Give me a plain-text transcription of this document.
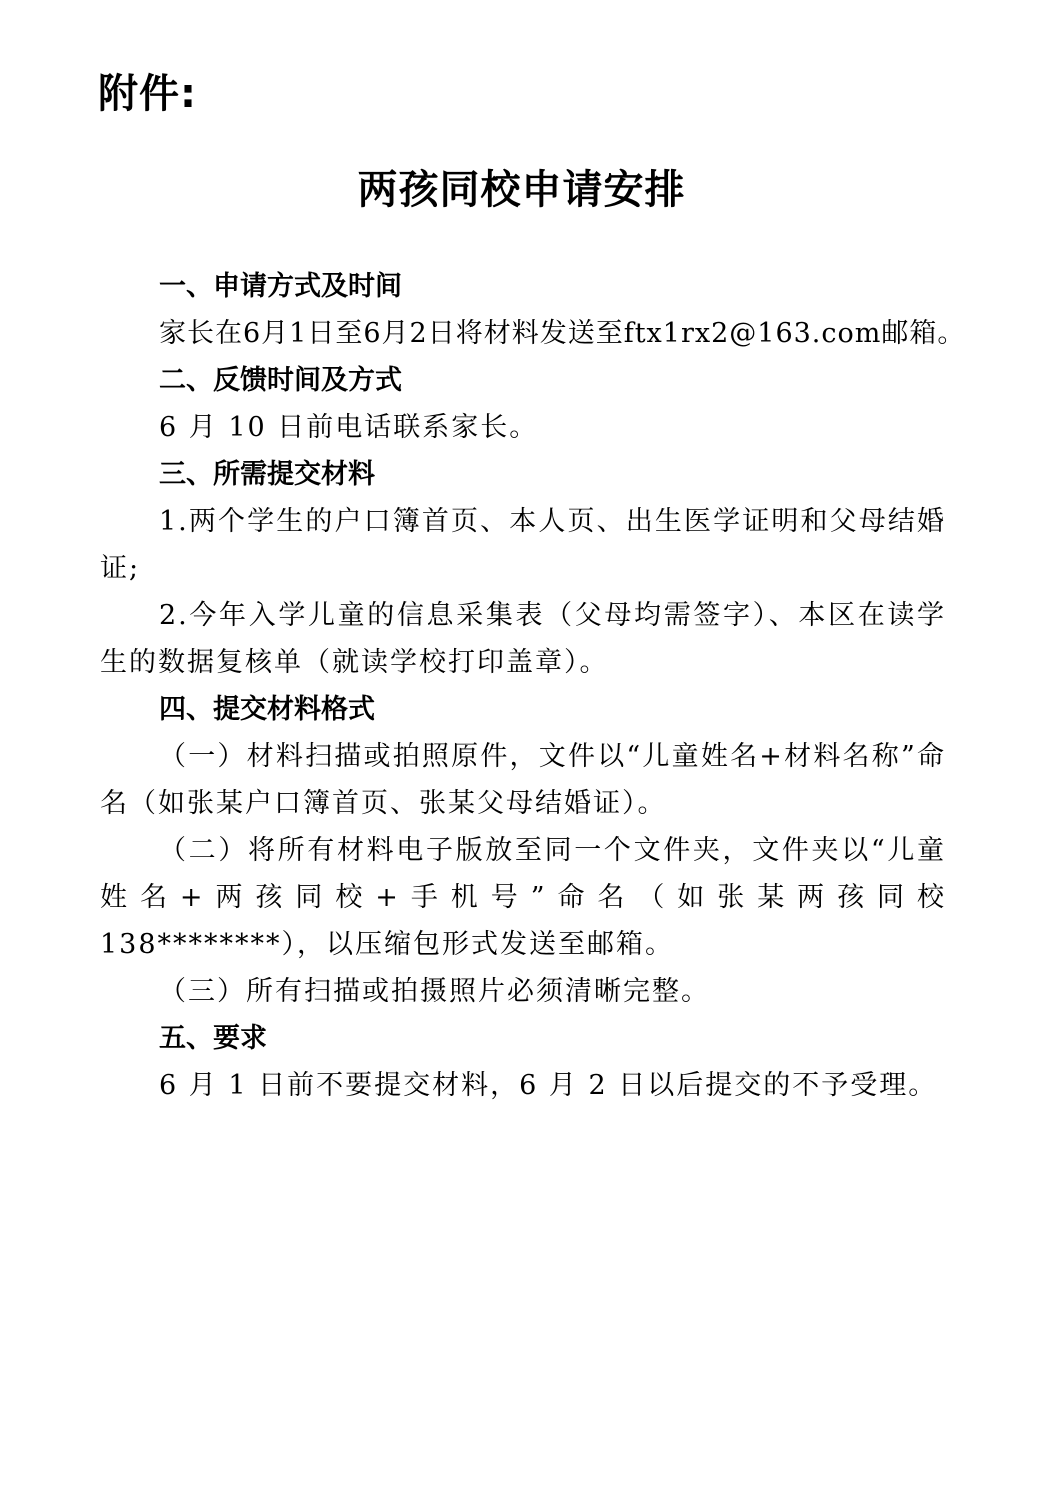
附件:
两孩同校申请安排
一、申请方式及时间
家长在6月1日至6月2日将材料发送至ftx1rx2@163.com邮箱。
二、反馈时间及方式
6 月 10 日前电话联系家长。
三、所需提交材料
1.两个学生的户口簿首页、本人页、出生医学证明和父母结婚证;
2.今年入学儿童的信息采集表（父母均需签字）、本区在读学生的数据复核单（就读学校打印盖章）。
四、提交材料格式
（一）材料扫描或拍照原件，文件以“儿童姓名+材料名称”命名（如张某户口簿首页、张某父母结婚证）。
（二）将所有材料电子版放至同一个文件夹，文件夹以“儿童姓名+两孩同校+手机号”命名（如张某两孩同校 138********），以压缩包形式发送至邮箱。
（三）所有扫描或拍摄照片必须清晰完整。
五、要求
6 月 1 日前不要提交材料，6 月 2 日以后提交的不予受理。
